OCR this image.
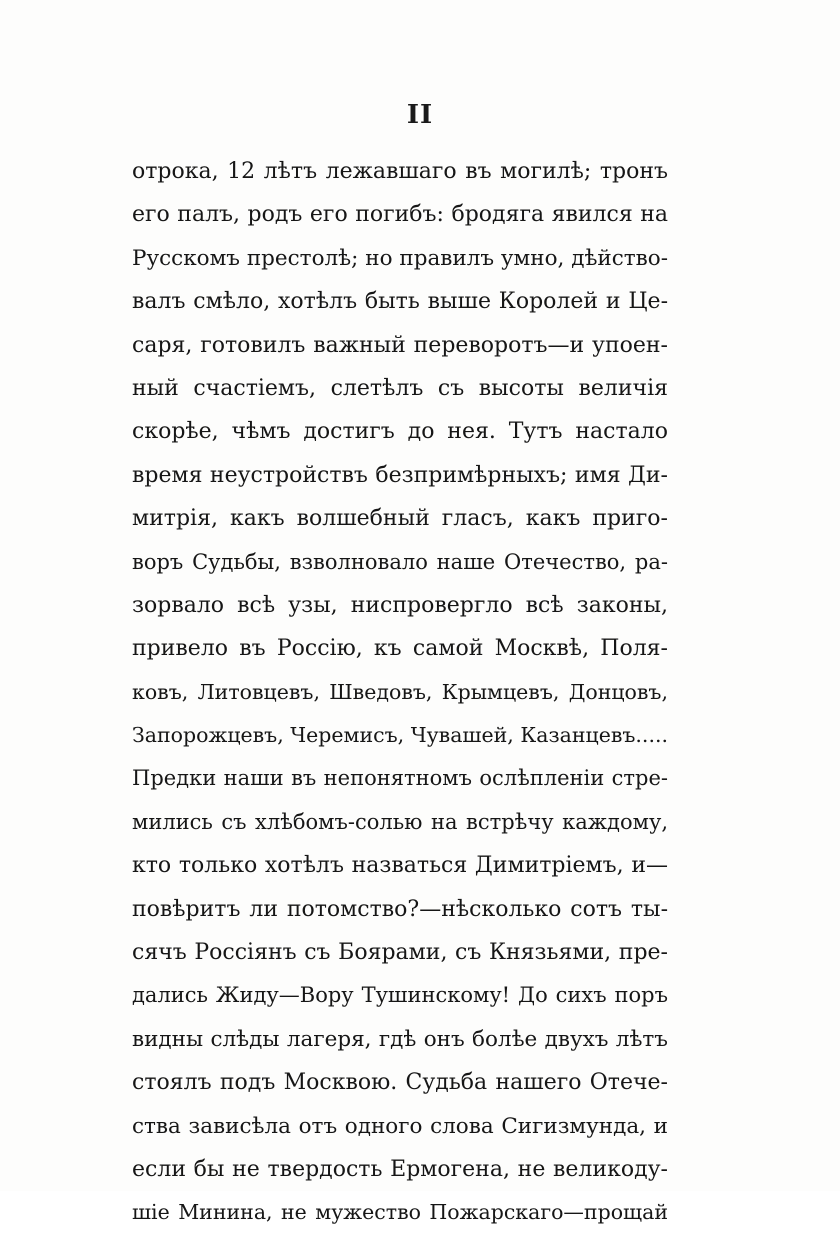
II
отрока, 12 лѣтъ лежавшаго въ могилѣ; тронъ
его палъ, родъ его погибъ: бродяга явился на
Русскомъ престолѣ; но правилъ умно, дѣйство-
валъ смѣло, хотѣлъ быть выше Королей и Це-
саря, готовилъ важный переворотъ—и упоен-
ный счастіемъ, слетѣлъ съ высоты величія
скорѣе, чѣмъ достигъ до нея. Тутъ настало
время неустройствъ безпримѣрныхъ; имя Ди-
митрія, какъ волшебный гласъ, какъ пригo-
воръ Судьбы, взволновало наше Отечество, ра-
зорвало всѣ узы, ниспровергло всѣ законы,
привело въ Россію, къ самой Москвѣ, Поля-
ковъ, Литовцевъ, Шведовъ, Крымцевъ, Донцовъ,
Запорожцевъ, Черемисъ, Чувашей, Казанцевъ.....
Предки наши въ непонятномъ ослѣпленіи стре-
мились съ хлѣбомъ-солью на встрѣчу каждому,
кто только хотѣлъ назваться Димитріемъ, и—
повѣритъ ли потомство?—нѣсколько сотъ ты-
сячъ Россіянъ съ Боярами, съ Князьями, пре-
дались Жиду—Вору Тушинскому! До сихъ поръ
видны слѣды лагеря, гдѣ онъ болѣе двухъ лѣтъ
стоялъ подъ Москвою. Судьба нашего Отече-
ства зависѣла отъ одного слова Сигизмунда, и
если бы не твердость Ермогена, не великоду-
шіе Минина, не мужество Пожарскаго—прощай
